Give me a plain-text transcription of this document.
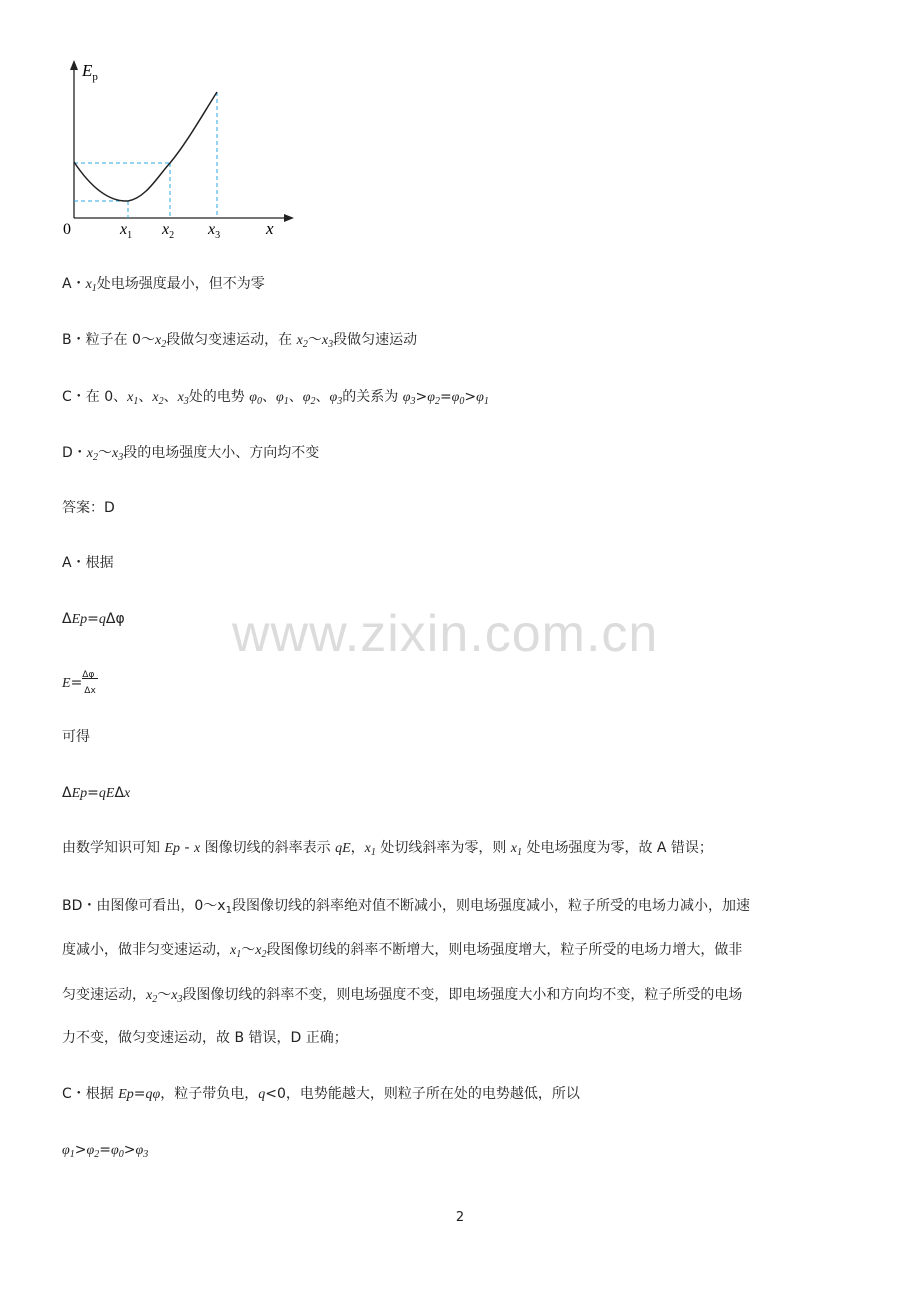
$E_p$
0	$x_1$ $x_2$ $x_3$	x
A・$x_1$处电场强度最小，但不为零
B・粒子在 $0\sim x_2$段做匀变速运动，在 $x_2\sim x_3$段做匀速运动
C・在 0、$x_1$、$x_2$、$x_3$处的电势 $\varphi_0$、$\varphi_1$、$\varphi_2$、$\varphi_3$的关系为 $\varphi_3>\varphi_2=\varphi_0>\varphi_1$
D・$x_2\sim x_3$段的电场强度大小、方向均不变
答案：D
A・根据
ΔEp=qΔφ
$E= \frac{\Delta\varphi}{\Delta x}$
可得
ΔEp=qEΔx
由数学知识可知 Ep - x 图像切线的斜率表示 qE，$x_1$ 处切线斜率为零，则 $x_1$ 处电场强度为零，故 A 错误；
BD・由图像可看出，$0\sim x_1$段图像切线的斜率绝对值不断减小，则电场强度减小，粒子所受的电场力减小，加速
度减小，做非匀变速运动，$x_1\sim x_2$段图像切线的斜率不断增大，则电场强度增大，粒子所受的电场力增大，做非
匀变速运动，$x_2\sim x_3$段图像切线的斜率不变，则电场强度不变，即电场强度大小和方向均不变，粒子所受的电场
力不变，做匀变速运动，故 B 错误，D 正确；
C・根据 Ep=qφ，粒子带负电，q<0，电势能越大，则粒子所在处的电势越低，所以
$\varphi_1>\varphi_2=\varphi_0>\varphi_3$
www.zixin.com.cn
2
